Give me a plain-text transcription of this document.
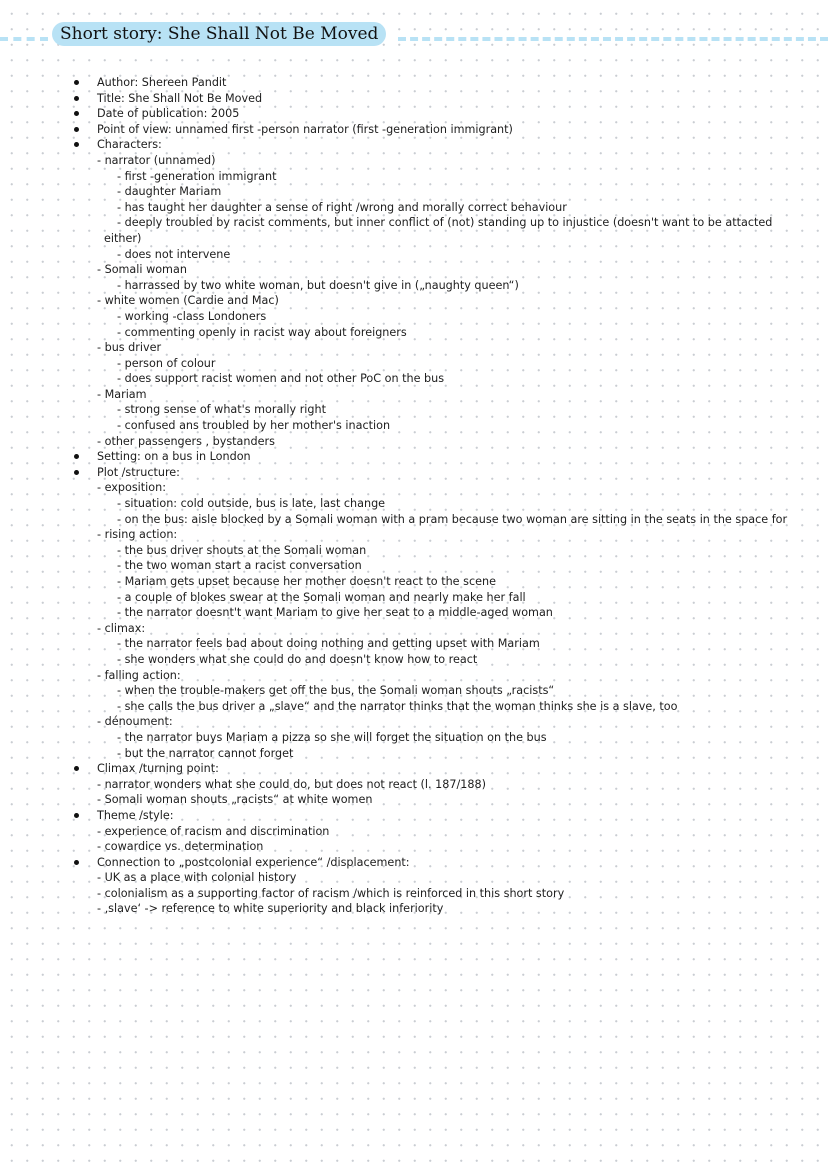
Short story: She Shall Not Be Moved
Author: Shereen Pandit
Title: She Shall Not Be Moved
Date of publication: 2005
Point of view: unnamed first -person narrator (first -generation immigrant)
Characters:
- narrator (unnamed)
- first -generation immigrant
- daughter Mariam
- has taught her daughter a sense of right /wrong and morally correct behaviour
- deeply troubled by racist comments, but inner conflict of (not) standing up to injustice (doesn't want to be attacted
either)
- does not intervene
- Somali woman
- harrassed by two white woman, but doesn't give in („naughty queen“)
- white women (Cardie and Mac)
- working -class Londoners
- commenting openly in racist way about foreigners
- bus driver
- person of colour
- does support racist women and not other PoC on the bus
- Mariam
- strong sense of what's morally right
- confused ans troubled by her mother's inaction
- other passengers , bystanders
Setting: on a bus in London
Plot /structure:
- exposition:
- situation: cold outside, bus is late, last change
- on the bus: aisle blocked by a Somali woman with a pram because two woman are sitting in the seats in the space for
- rising action:
- the bus driver shouts at the Somali woman
- the two woman start a racist conversation
- Mariam gets upset because her mother doesn't react to the scene
- a couple of blokes swear at the Somali woman and nearly make her fall
- the narrator doesnt't want Mariam to give her seat to a middle-aged woman
- climax:
- the narrator feels bad about doing nothing and getting upset with Mariam
- she wonders what she could do and doesn't know how to react
- falling action:
- when the trouble-makers get off the bus, the Somali woman shouts „racists“
- she calls the bus driver a „slave“ and the narrator thinks that the woman thinks she is a slave, too
- dénoument:
- the narrator buys Mariam a pizza so she will forget the situation on the bus
- but the narrator cannot forget
Climax /turning point:
- narrator wonders what she could do, but does not react (l. 187/188)
- Somali woman shouts „racists“ at white women
Theme /style:
- experience of racism and discrimination
- cowardice vs. determination
Connection to „postcolonial experience“ /displacement:
- UK as a place with colonial history
- colonialism as a supporting factor of racism /which is reinforced in this short story
- ‚slave‘ -> reference to white superiority and black inferiority
